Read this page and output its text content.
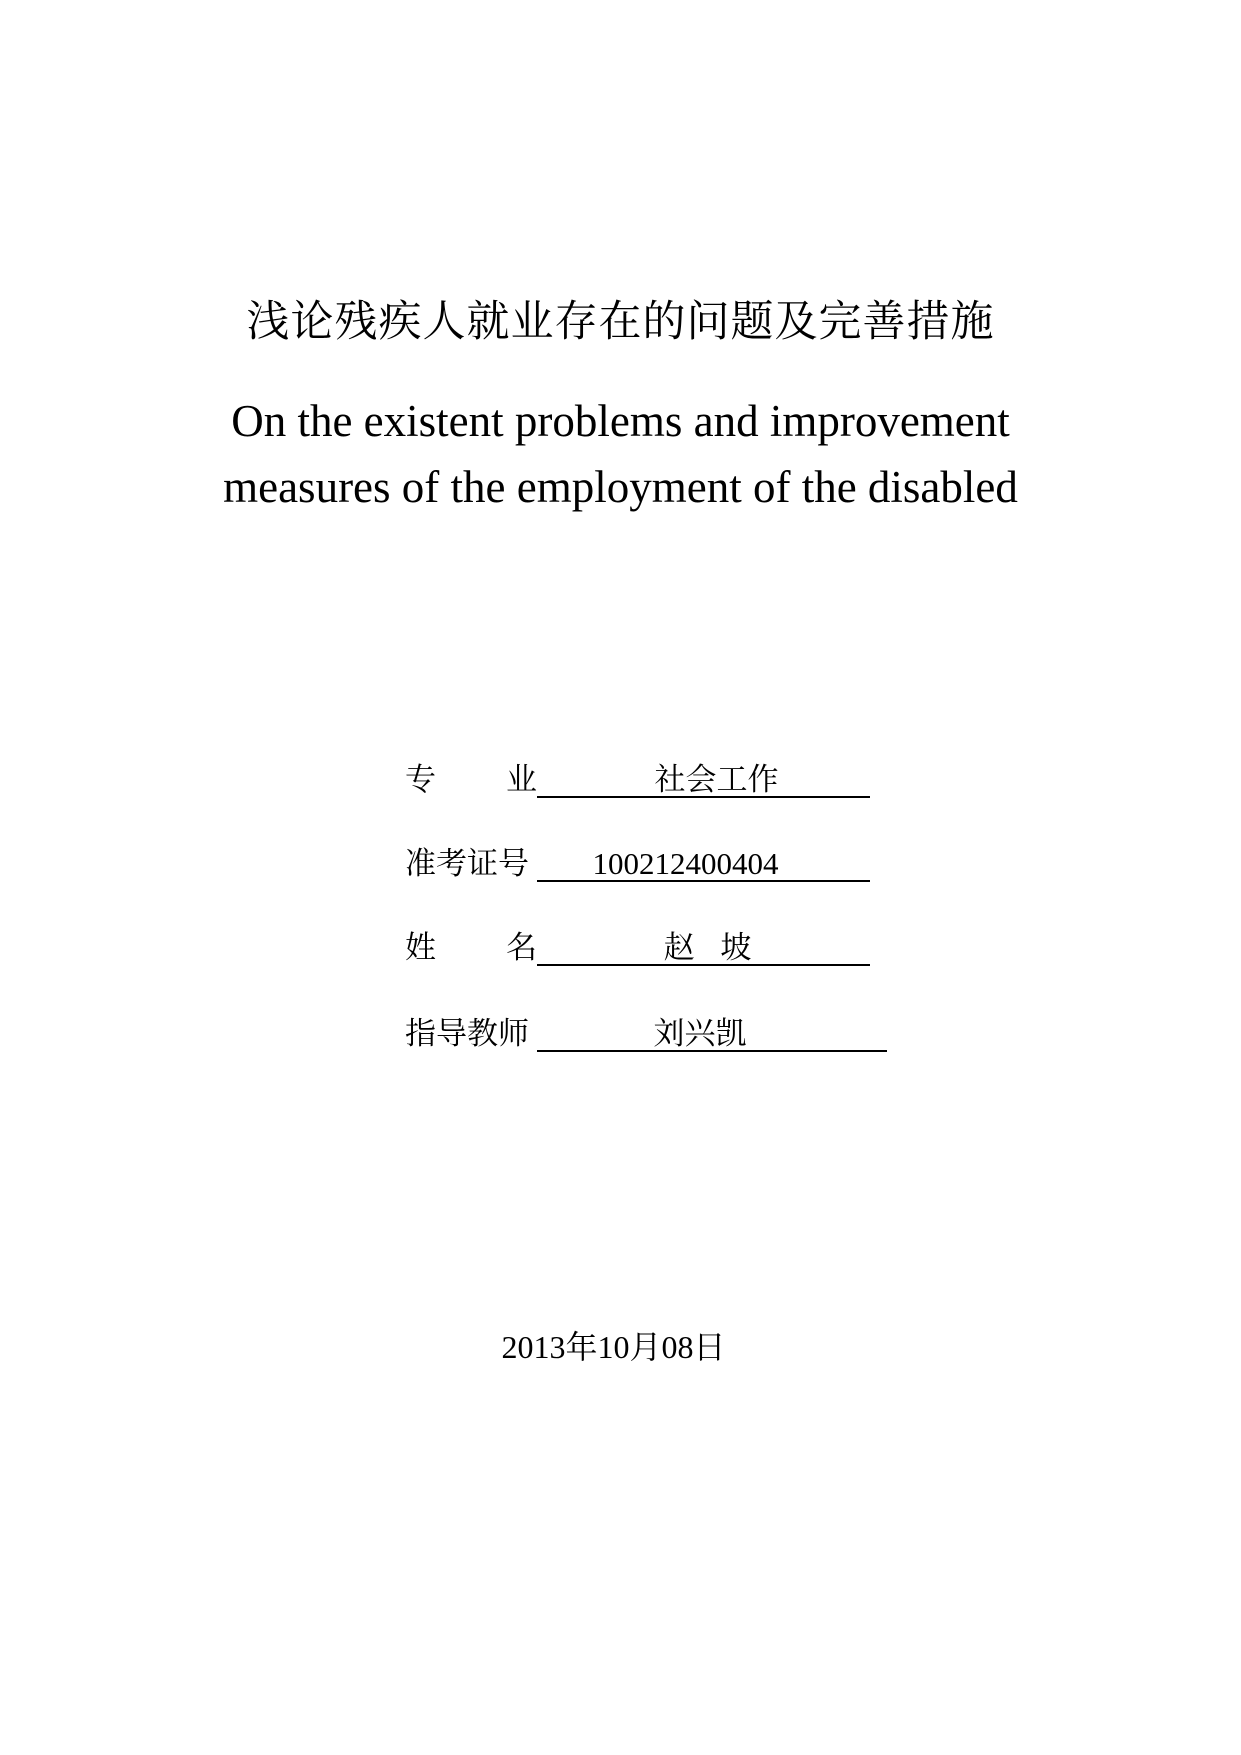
浅论残疾人就业存在的问题及完善措施
On the existent problems and improvement
measures of the employment of the disabled
专 业	社会工作
准考证号	100212400404
姓 名	赵 坡
指导教师	刘兴凯
2013年10月08日
